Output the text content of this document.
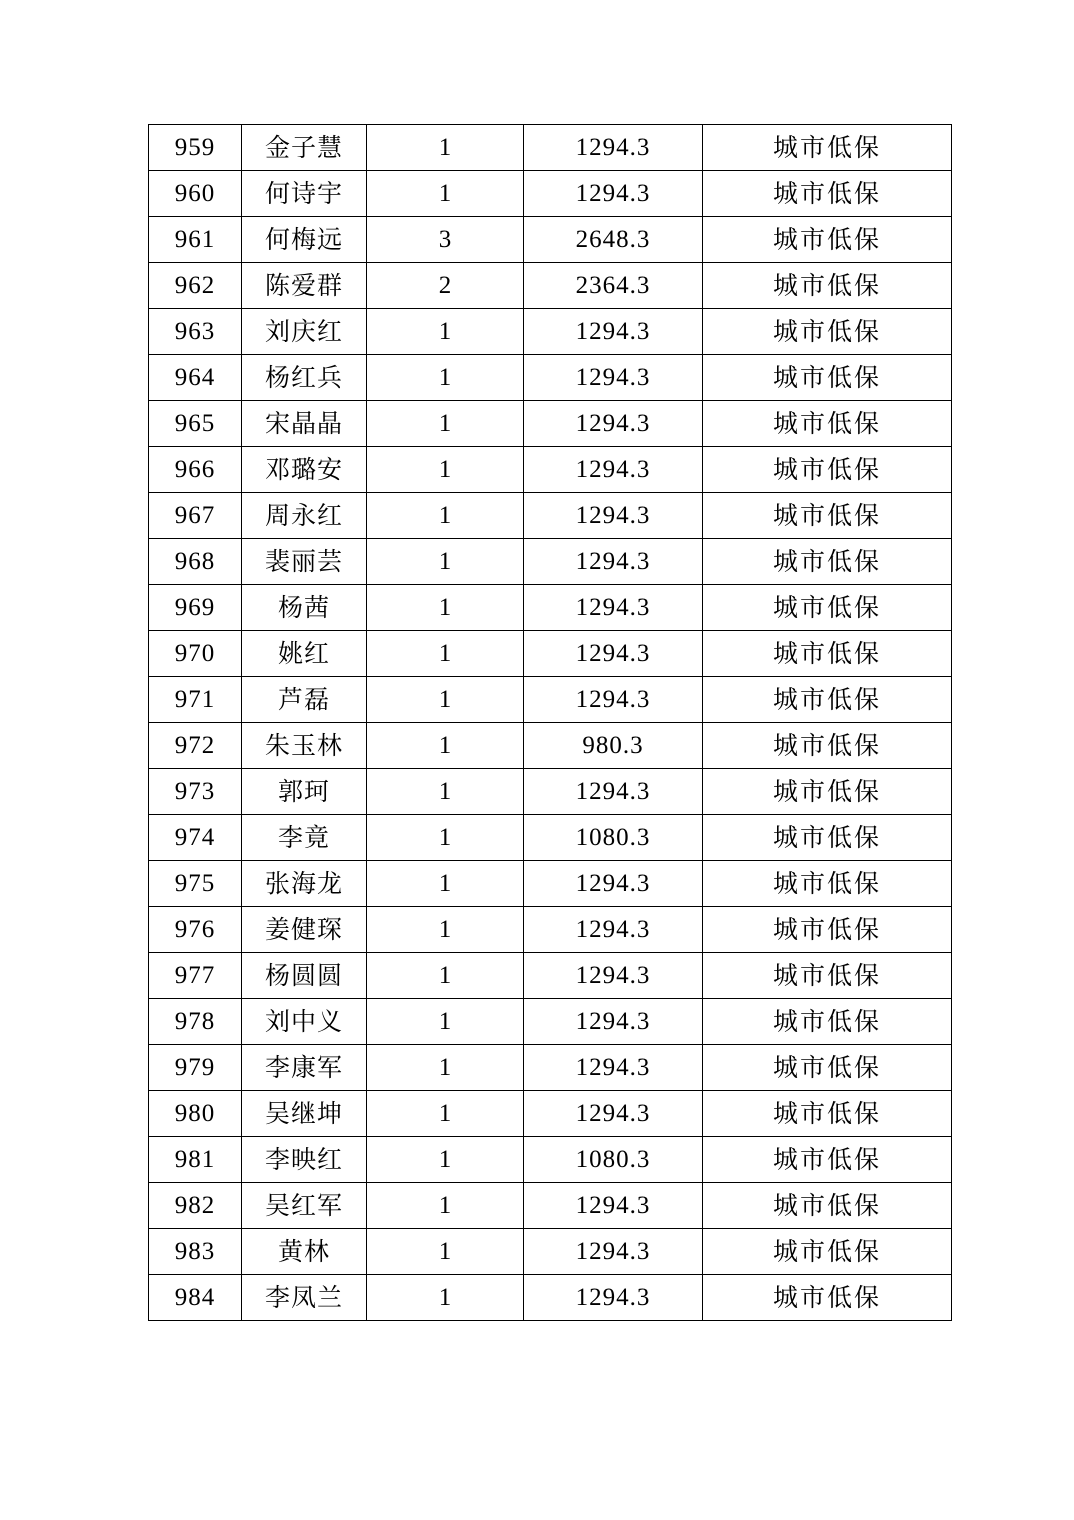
959	金子慧	1	1294.3	城市低保
960	何诗宇	1	1294.3	城市低保
961	何梅远	3	2648.3	城市低保
962	陈爱群	2	2364.3	城市低保
963	刘庆红	1	1294.3	城市低保
964	杨红兵	1	1294.3	城市低保
965	宋晶晶	1	1294.3	城市低保
966	邓璐安	1	1294.3	城市低保
967	周永红	1	1294.3	城市低保
968	裴丽芸	1	1294.3	城市低保
969	杨茜	1	1294.3	城市低保
970	姚红	1	1294.3	城市低保
971	芦磊	1	1294.3	城市低保
972	朱玉林	1	980.3	城市低保
973	郭珂	1	1294.3	城市低保
974	李竟	1	1080.3	城市低保
975	张海龙	1	1294.3	城市低保
976	姜健琛	1	1294.3	城市低保
977	杨圆圆	1	1294.3	城市低保
978	刘中义	1	1294.3	城市低保
979	李康军	1	1294.3	城市低保
980	吴继坤	1	1294.3	城市低保
981	李映红	1	1080.3	城市低保
982	吴红军	1	1294.3	城市低保
983	黄林	1	1294.3	城市低保
984	李凤兰	1	1294.3	城市低保
